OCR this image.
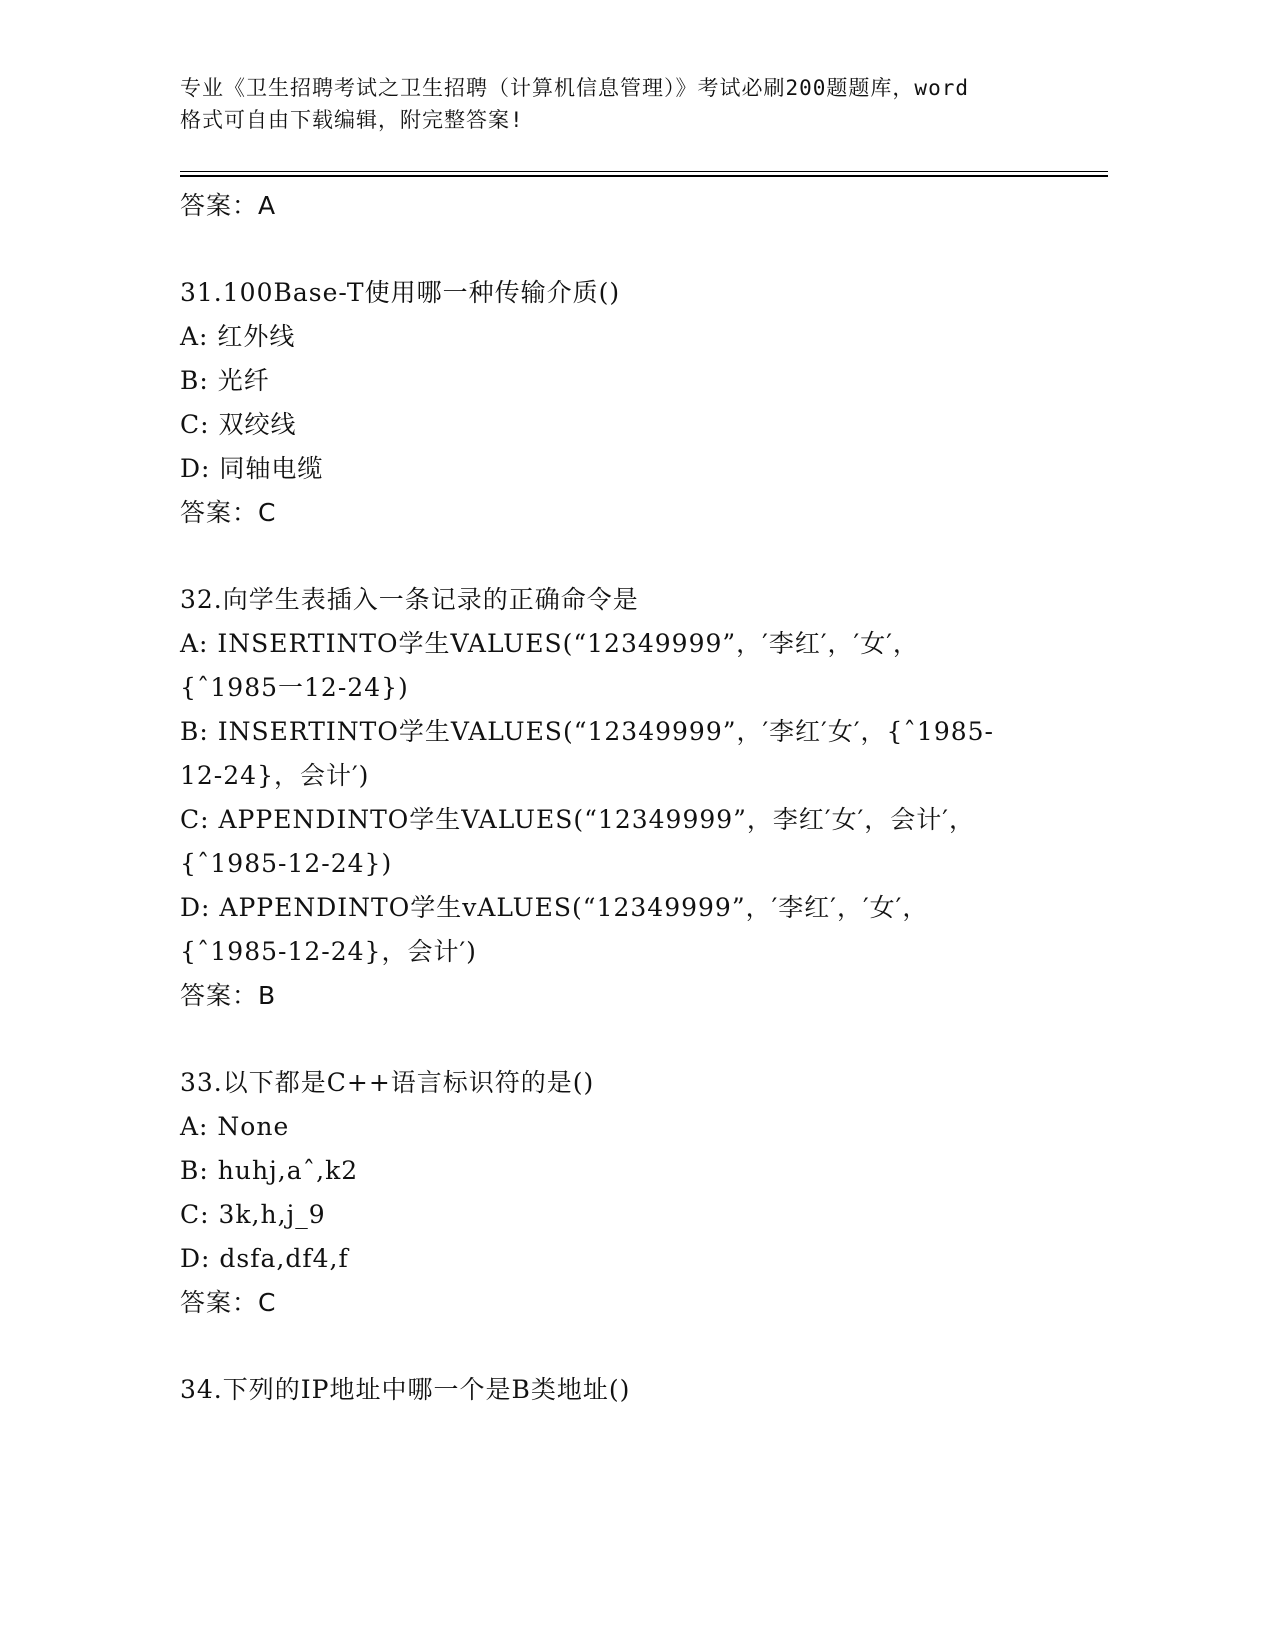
专业《卫生招聘考试之卫生招聘（计算机信息管理）》考试必刷200题题库，word
格式可自由下载编辑，附完整答案!
答案：A
31.100Base-T使用哪一种传输介质()
A: 红外线
B: 光纤
C: 双绞线
D: 同轴电缆
答案：C
32.向学生表插入一条记录的正确命令是
A: INSERTINTO学生VALUES(“12349999”，′李红′，′女′，
{ˆ1985一12-24})
B: INSERTINTO学生VALUES(“12349999”，′李红′女′，{ˆ1985-
12-24}，会计′)
C: APPENDINTO学生VALUES(“12349999”，李红′女′，会计′，
{ˆ1985-12-24})
D: APPENDINTO学生vALUES(“12349999”，′李红′，′女′，
{ˆ1985-12-24}，会计′)
答案：B
33.以下都是C++语言标识符的是()
A: None
B: huhj,aˆ,k2
C: 3k,h,j_9
D: dsfa,df4,f
答案：C
34.下列的IP地址中哪一个是B类地址()
